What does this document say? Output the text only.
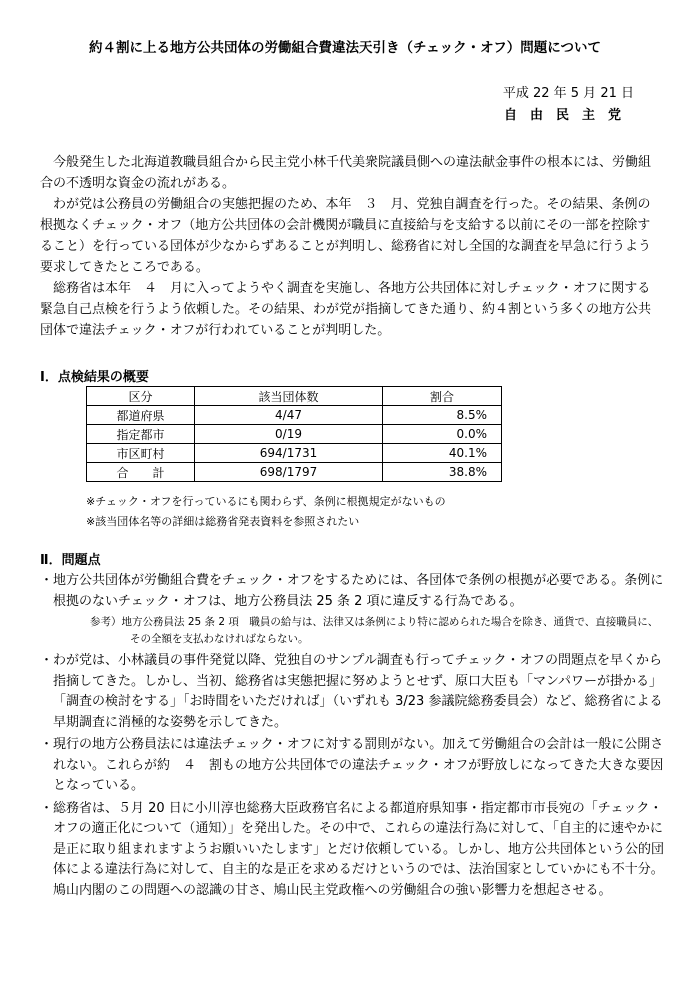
約４割に上る地方公共団体の労働組合費違法天引き（チェック・オフ）問題について
平成 22 年 5 月 21 日
自由民主党

今般発生した北海道教職員組合から民主党小林千代美衆院議員側への違法献金事件の根本には、労働組合の不透明な資金の流れがある。

わが党は公務員の労働組合の実態把握のため、本年　３　月、党独自調査を行った。その結果、条例の根拠なくチェック・オフ（地方公共団体の会計機関が職員に直接給与を支給する以前にその一部を控除すること）を行っている団体が少なからずあることが判明し、総務省に対し全国的な調査を早急に行うよう要求してきたところである。

総務省は本年　４　月に入ってようやく調査を実施し、各地方公共団体に対しチェック・オフに関する緊急自己点検を行うよう依頼した。その結果、わが党が指摘してきた通り、約４割という多くの地方公共団体で違法チェック・オフが行われていることが判明した。

Ⅰ．点検結果の概要
区分	該当団体数	割合
都道府県	4/47	8.5%
指定都市	0/19	0.0%
市区町村	694/1731	40.1%
合　　計	698/1797	38.8%
※チェック・オフを行っているにも関わらず、条例に根拠規定がないもの
※該当団体名等の詳細は総務省発表資料を参照されたい
Ⅱ．問題点

・地方公共団体が労働組合費をチェック・オフをするためには、各団体で条例の根拠が必要である。条例に根拠のないチェック・オフは、地方公務員法 25 条 2 項に違反する行為である。

参考）地方公務員法 25 条 2 項　職員の給与は、法律又は条例により特に認められた場合を除き、通貨で、直接職員に、その全額を支払わなければならない。

・わが党は、小林議員の事件発覚以降、党独自のサンプル調査も行ってチェック・オフの問題点を早くから指摘してきた。しかし、当初、総務省は実態把握に努めようとせず、原口大臣も「マンパワーが掛かる」「調査の検討をする」「お時間をいただければ」（いずれも 3/23 参議院総務委員会）など、総務省による早期調査に消極的な姿勢を示してきた。

・現行の地方公務員法には違法チェック・オフに対する罰則がない。加えて労働組合の会計は一般に公開されない。これらが約　４　割もの地方公共団体での違法チェック・オフが野放しになってきた大きな要因となっている。

・総務省は、５月 20 日に小川淳也総務大臣政務官名による都道府県知事・指定都市市長宛の「チェック・オフの適正化について（通知）」を発出した。その中で、これらの違法行為に対して、「自主的に速やかに是正に取り組まれますようお願いいたします」とだけ依頼している。しかし、地方公共団体という公的団体による違法行為に対して、自主的な是正を求めるだけというのでは、法治国家としていかにも不十分。鳩山内閣のこの問題への認識の甘さ、鳩山民主党政権への労働組合の強い影響力を想起させる。
